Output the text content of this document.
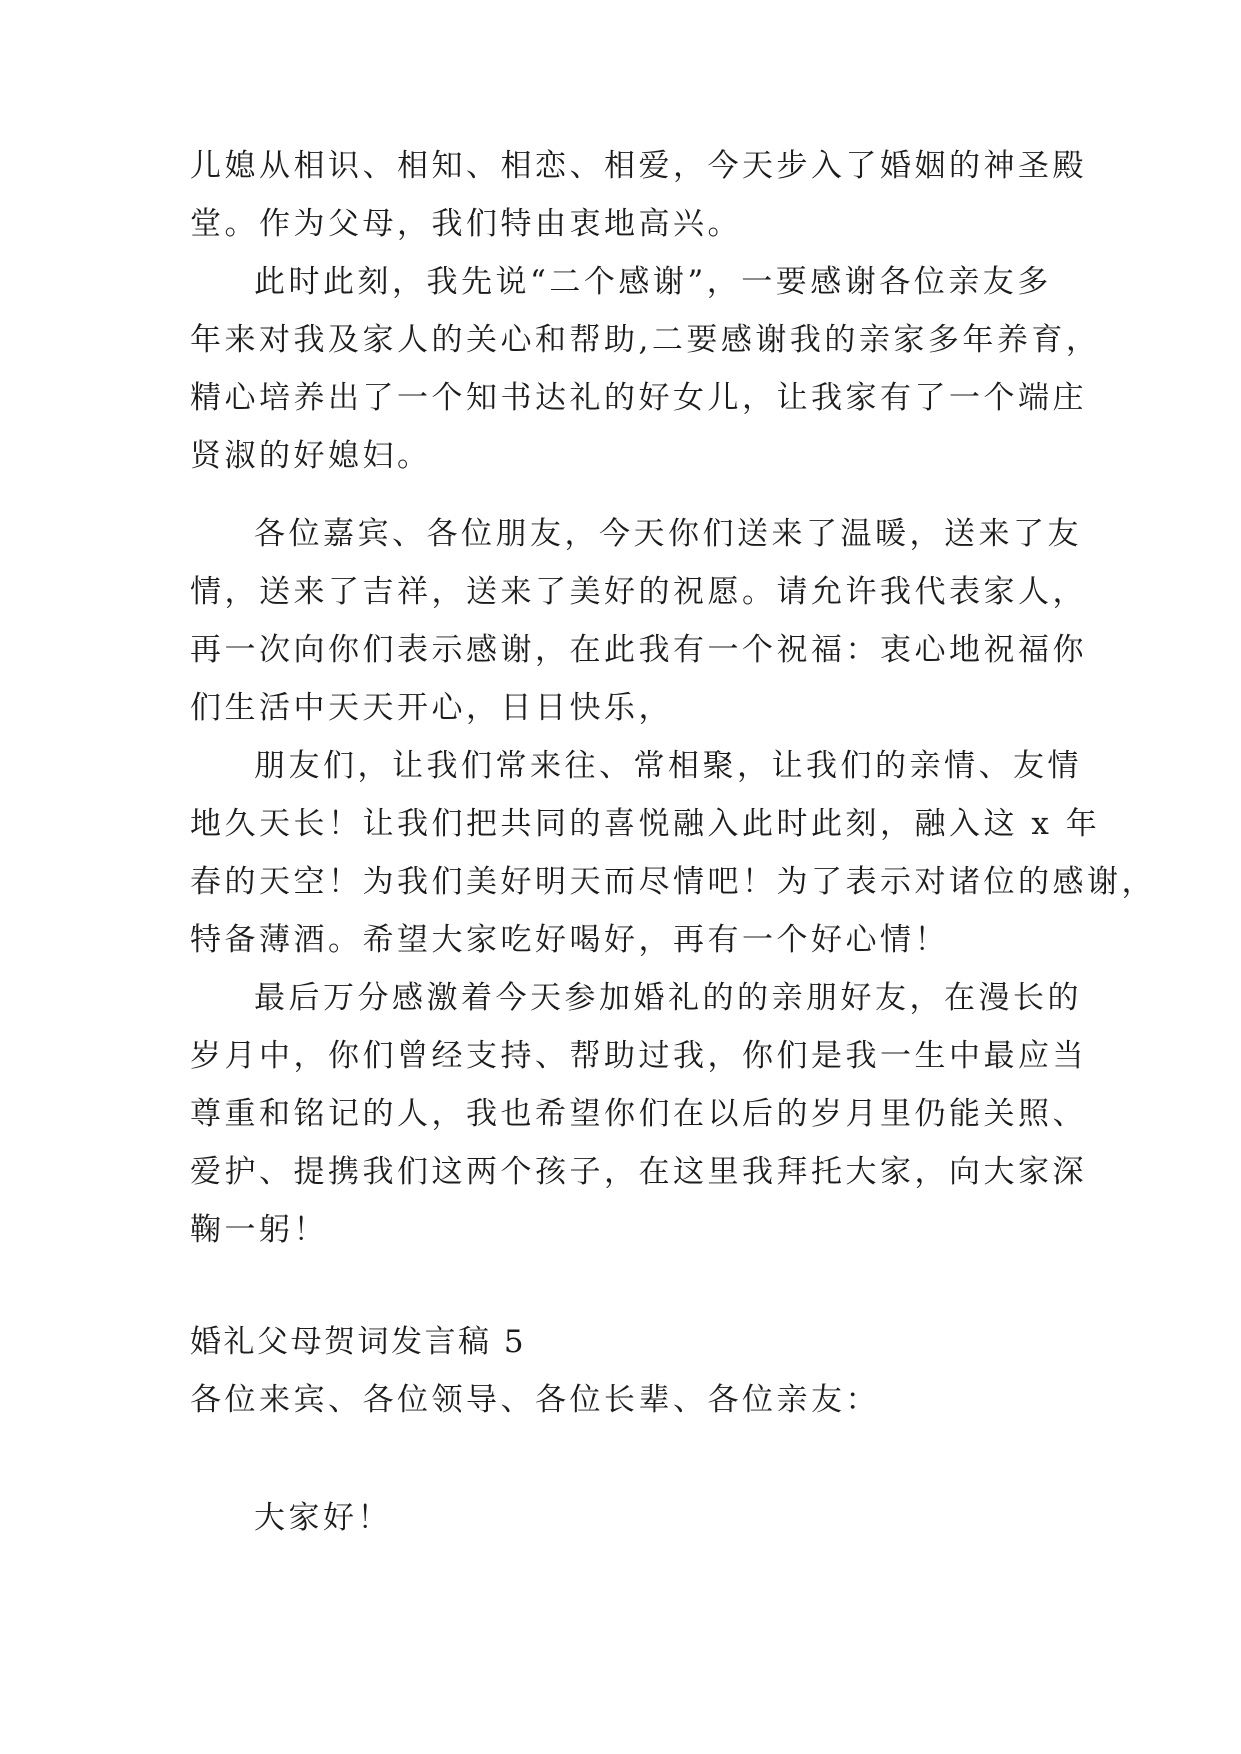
儿媳从相识、相知、相恋、相爱，今天步入了婚姻的神圣殿

堂。作为父母，我们特由衷地高兴。

此时此刻，我先说“二个感谢”，一要感谢各位亲友多

年来对我及家人的关心和帮助,二要感谢我的亲家多年养育，

精心培养出了一个知书达礼的好女儿，让我家有了一个端庄

贤淑的好媳妇。

各位嘉宾、各位朋友，今天你们送来了温暖，送来了友

情，送来了吉祥，送来了美好的祝愿。请允许我代表家人，

再一次向你们表示感谢，在此我有一个祝福：衷心地祝福你

们生活中天天开心，日日快乐，

朋友们，让我们常来往、常相聚，让我们的亲情、友情

地久天长！让我们把共同的喜悦融入此时此刻，融入这 x 年

春的天空！为我们美好明天而尽情吧！为了表示对诸位的感谢，

特备薄酒。希望大家吃好喝好，再有一个好心情！

最后万分感激着今天参加婚礼的的亲朋好友，在漫长的

岁月中，你们曾经支持、帮助过我，你们是我一生中最应当

尊重和铭记的人，我也希望你们在以后的岁月里仍能关照、

爱护、提携我们这两个孩子，在这里我拜托大家，向大家深

鞠一躬！

婚礼父母贺词发言稿 5

各位来宾、各位领导、各位长辈、各位亲友：

大家好！
